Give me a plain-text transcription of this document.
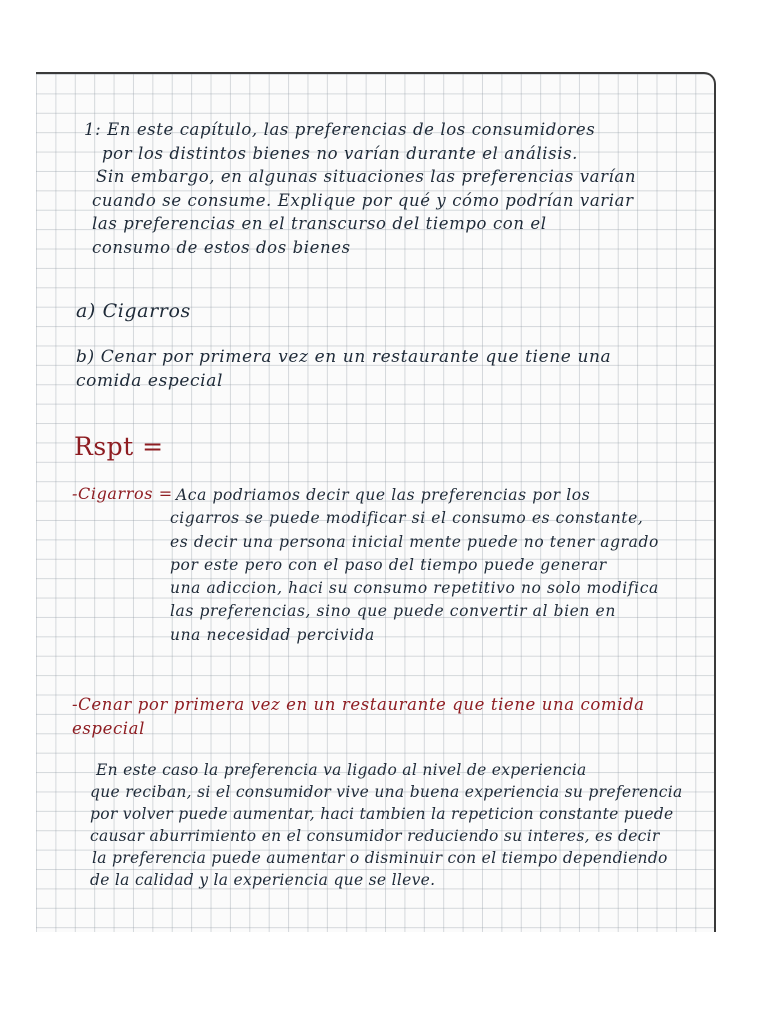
1: En este capítulo, las preferencias de los consumidores
por los distintos bienes no varían durante el análisis.
Sin embargo, en algunas situaciones las preferencias varían
cuando se consume. Explique por qué y cómo podrían variar
las preferencias en el transcurso del tiempo con el
consumo de estos dos bienes
a) Cigarros
b) Cenar por primera vez en un restaurante que tiene una
comida especial
Rspt =
-Cigarros = Aca podriamos decir que las preferencias por los
cigarros se puede modificar si el consumo es constante,
es decir una persona inicial mente puede no tener agrado
por este pero con el paso del tiempo puede generar
una adiccion, haci su consumo repetitivo no solo modifica
las preferencias, sino que puede convertir al bien en
una necesidad percivida
-Cenar por primera vez en un restaurante que tiene una comida
especial
En este caso la preferencia va ligado al nivel de experiencia
que reciban, si el consumidor vive una buena experiencia su preferencia
por volver puede aumentar, haci tambien la repeticion constante puede
causar aburrimiento en el consumidor reduciendo su interes, es decir
la preferencia puede aumentar o disminuir con el tiempo dependiendo
de la calidad y la experiencia que se lleve.
